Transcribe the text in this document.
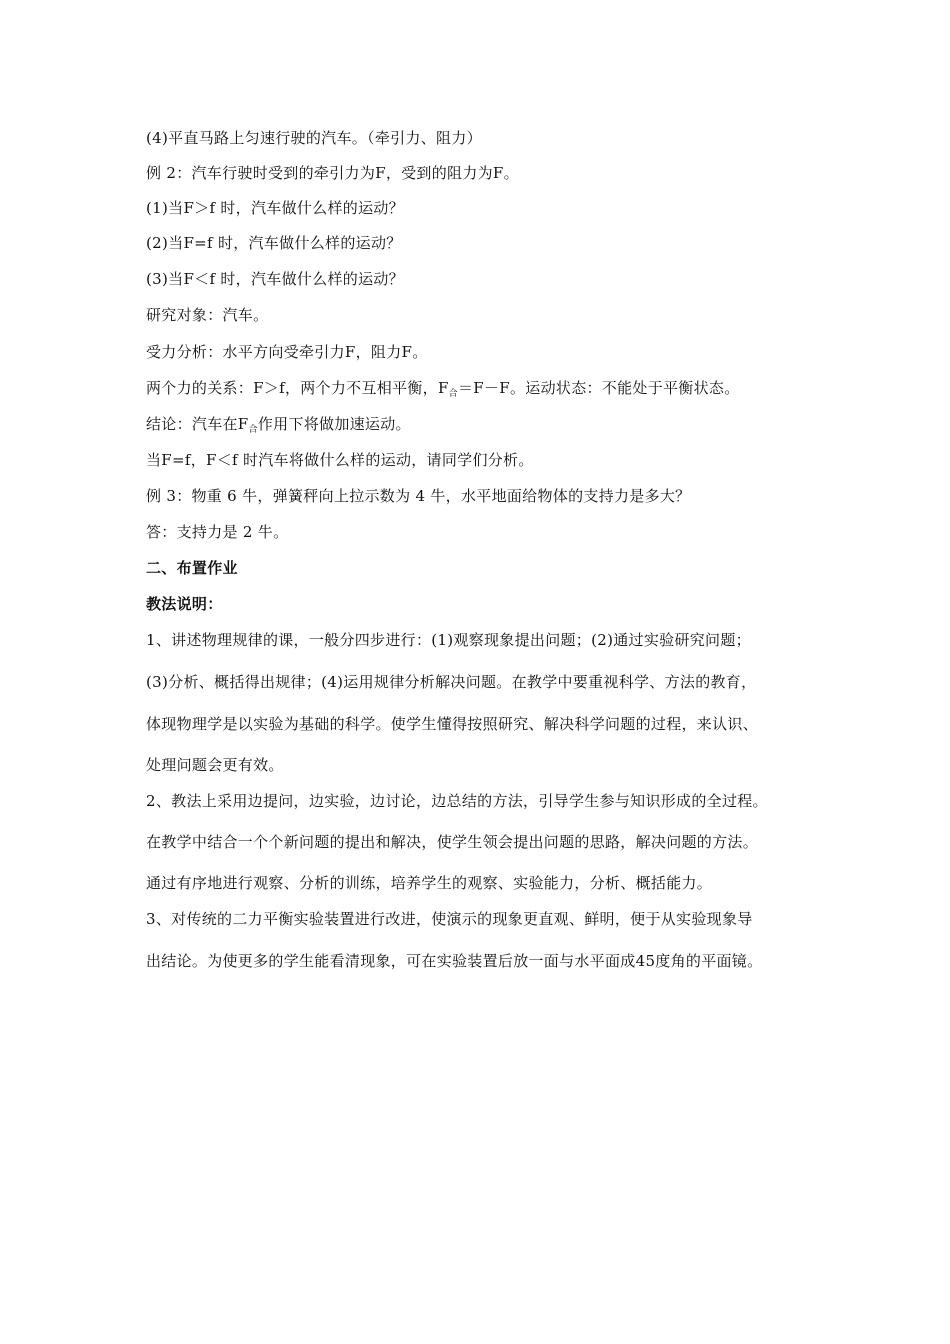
(4)平直马路上匀速行驶的汽车。（牵引力、阻力）
例 2：汽车行驶时受到的牵引力为F，受到的阻力为F。
(1)当F＞f 时，汽车做什么样的运动？
(2)当F=f 时，汽车做什么样的运动？
(3)当F＜f 时，汽车做什么样的运动？
研究对象：汽车。
受力分析：水平方向受牵引力F，阻力F。
两个力的关系：F＞f，两个力不互相平衡，$F_合=F-F$。运动状态：不能处于平衡状态。
结论：汽车在$F_合$作用下将做加速运动。
当F=f，F＜f 时汽车将做什么样的运动，请同学们分析。
例 3：物重 6 牛，弹簧秤向上拉示数为 4 牛，水平地面给物体的支持力是多大？
答：支持力是 2 牛。
二、布置作业
教法说明：
1、讲述物理规律的课，一般分四步进行：(1)观察现象提出问题；(2)通过实验研究问题；
(3)分析、概括得出规律；(4)运用规律分析解决问题。在教学中要重视科学、方法的教育，
体现物理学是以实验为基础的科学。使学生懂得按照研究、解决科学问题的过程，来认识、
处理问题会更有效。
2、教法上采用边提问，边实验，边讨论，边总结的方法，引导学生参与知识形成的全过程。
在教学中结合一个个新问题的提出和解决，使学生领会提出问题的思路，解决问题的方法。
通过有序地进行观察、分析的训练，培养学生的观察、实验能力，分析、概括能力。
3、对传统的二力平衡实验装置进行改进，使演示的现象更直观、鲜明，便于从实验现象导
出结论。为使更多的学生能看清现象，可在实验装置后放一面与水平面成45度角的平面镜。
